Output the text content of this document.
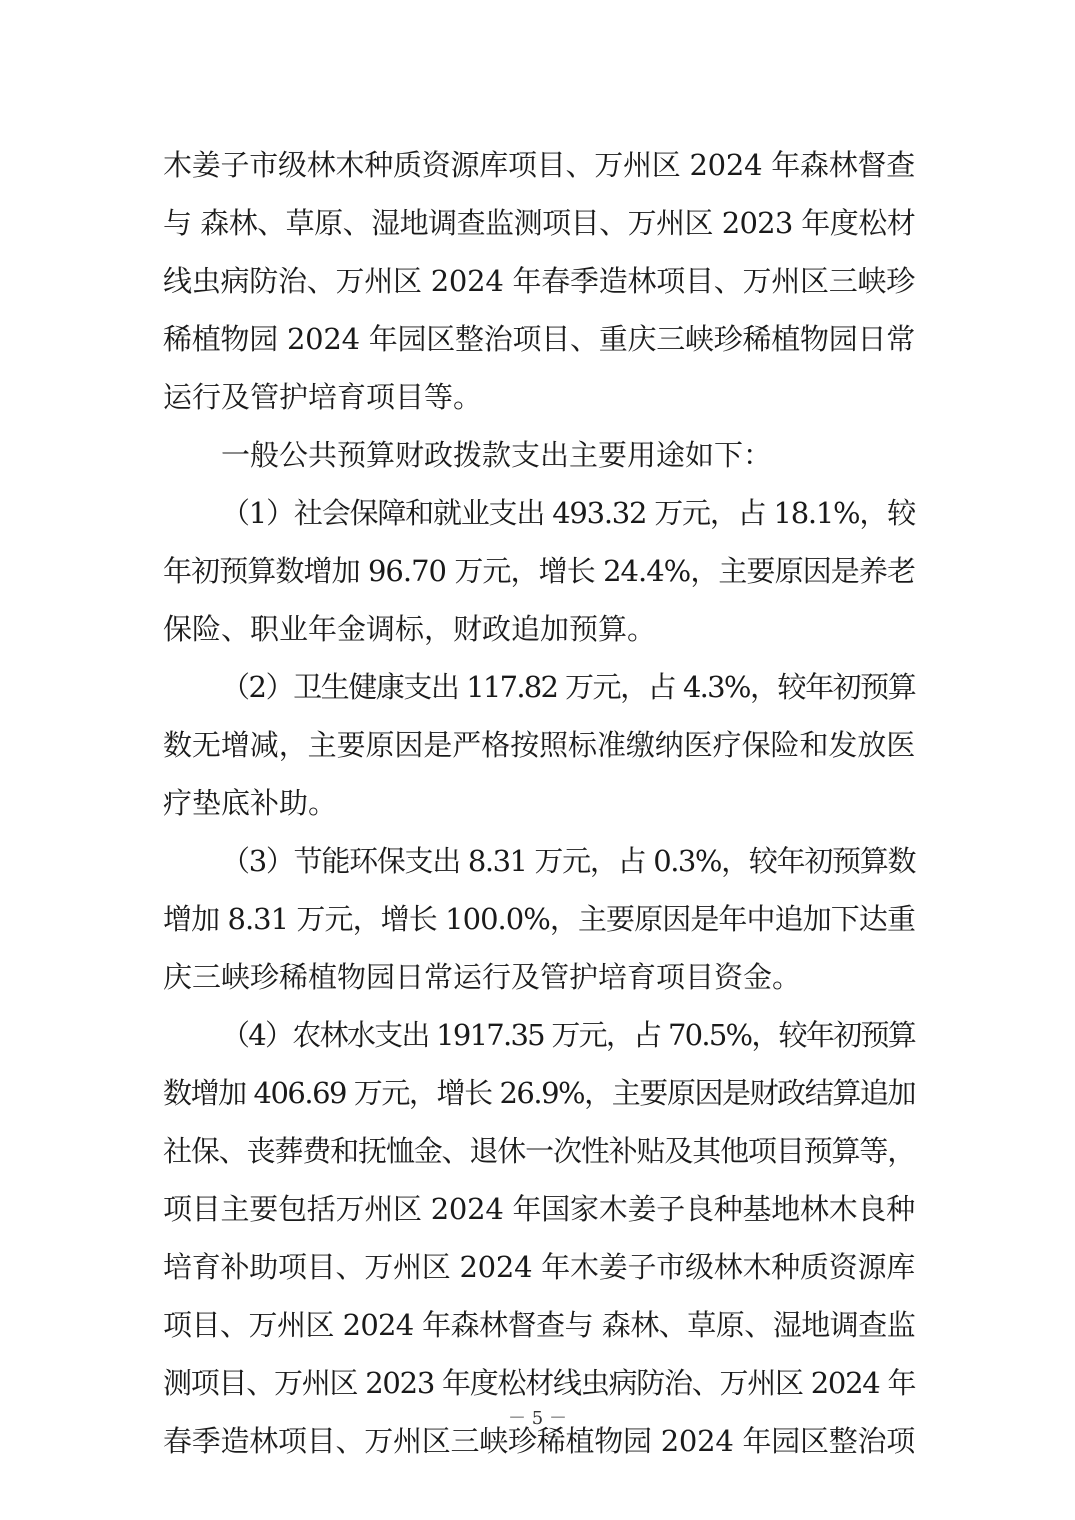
木姜子市级林木种质资源库项目、万州区 2024 年森林督查
与 森林、草原、湿地调查监测项目、万州区 2023 年度松材
线虫病防治、万州区 2024 年春季造林项目、万州区三峡珍
稀植物园 2024 年园区整治项目、重庆三峡珍稀植物园日常
运行及管护培育项目等。
一般公共预算财政拨款支出主要用途如下：
（1）社会保障和就业支出 493.32 万元，占 18.1%，较
年初预算数增加 96.70 万元，增长 24.4%，主要原因是养老
保险、职业年金调标，财政追加预算。
（2）卫生健康支出 117.82 万元，占 4.3%，较年初预算
数无增减，主要原因是严格按照标准缴纳医疗保险和发放医
疗垫底补助。
（3）节能环保支出 8.31 万元，占 0.3%，较年初预算数
增加 8.31 万元，增长 100.0%，主要原因是年中追加下达重
庆三峡珍稀植物园日常运行及管护培育项目资金。
（4）农林水支出 1917.35 万元，占 70.5%，较年初预算
数增加 406.69 万元，增长 26.9%，主要原因是财政结算追加
社保、丧葬费和抚恤金、退休一次性补贴及其他项目预算等，
项目主要包括万州区 2024 年国家木姜子良种基地林木良种
培育补助项目、万州区 2024 年木姜子市级林木种质资源库
项目、万州区 2024 年森林督查与 森林、草原、湿地调查监
测项目、万州区 2023 年度松材线虫病防治、万州区 2024 年
春季造林项目、万州区三峡珍稀植物园 2024 年园区整治项
－ 5 －
